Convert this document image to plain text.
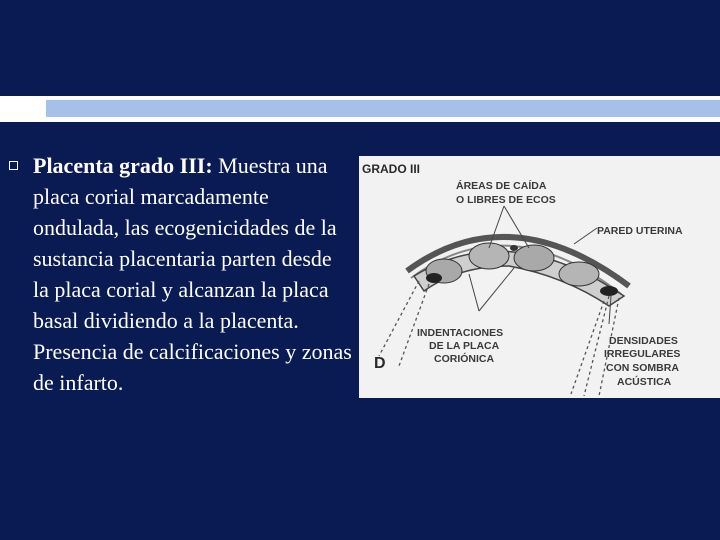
Placenta grado III: Muestra una placa corial marcadamente ondulada, las ecogenicidades de la sustancia placentaria parten desde la placa corial y alcanzan la placa basal dividiendo a la placenta. Presencia de calcificaciones y zonas de infarto.
GRADO III
ÁREAS DE CAÍDA
O LIBRES DE ECOS
PARED UTERINA
INDENTACIONES
DE LA PLACA
CORIÓNICA
DENSIDADES
IRREGULARES
CON SOMBRA
ACÚSTICA
D
